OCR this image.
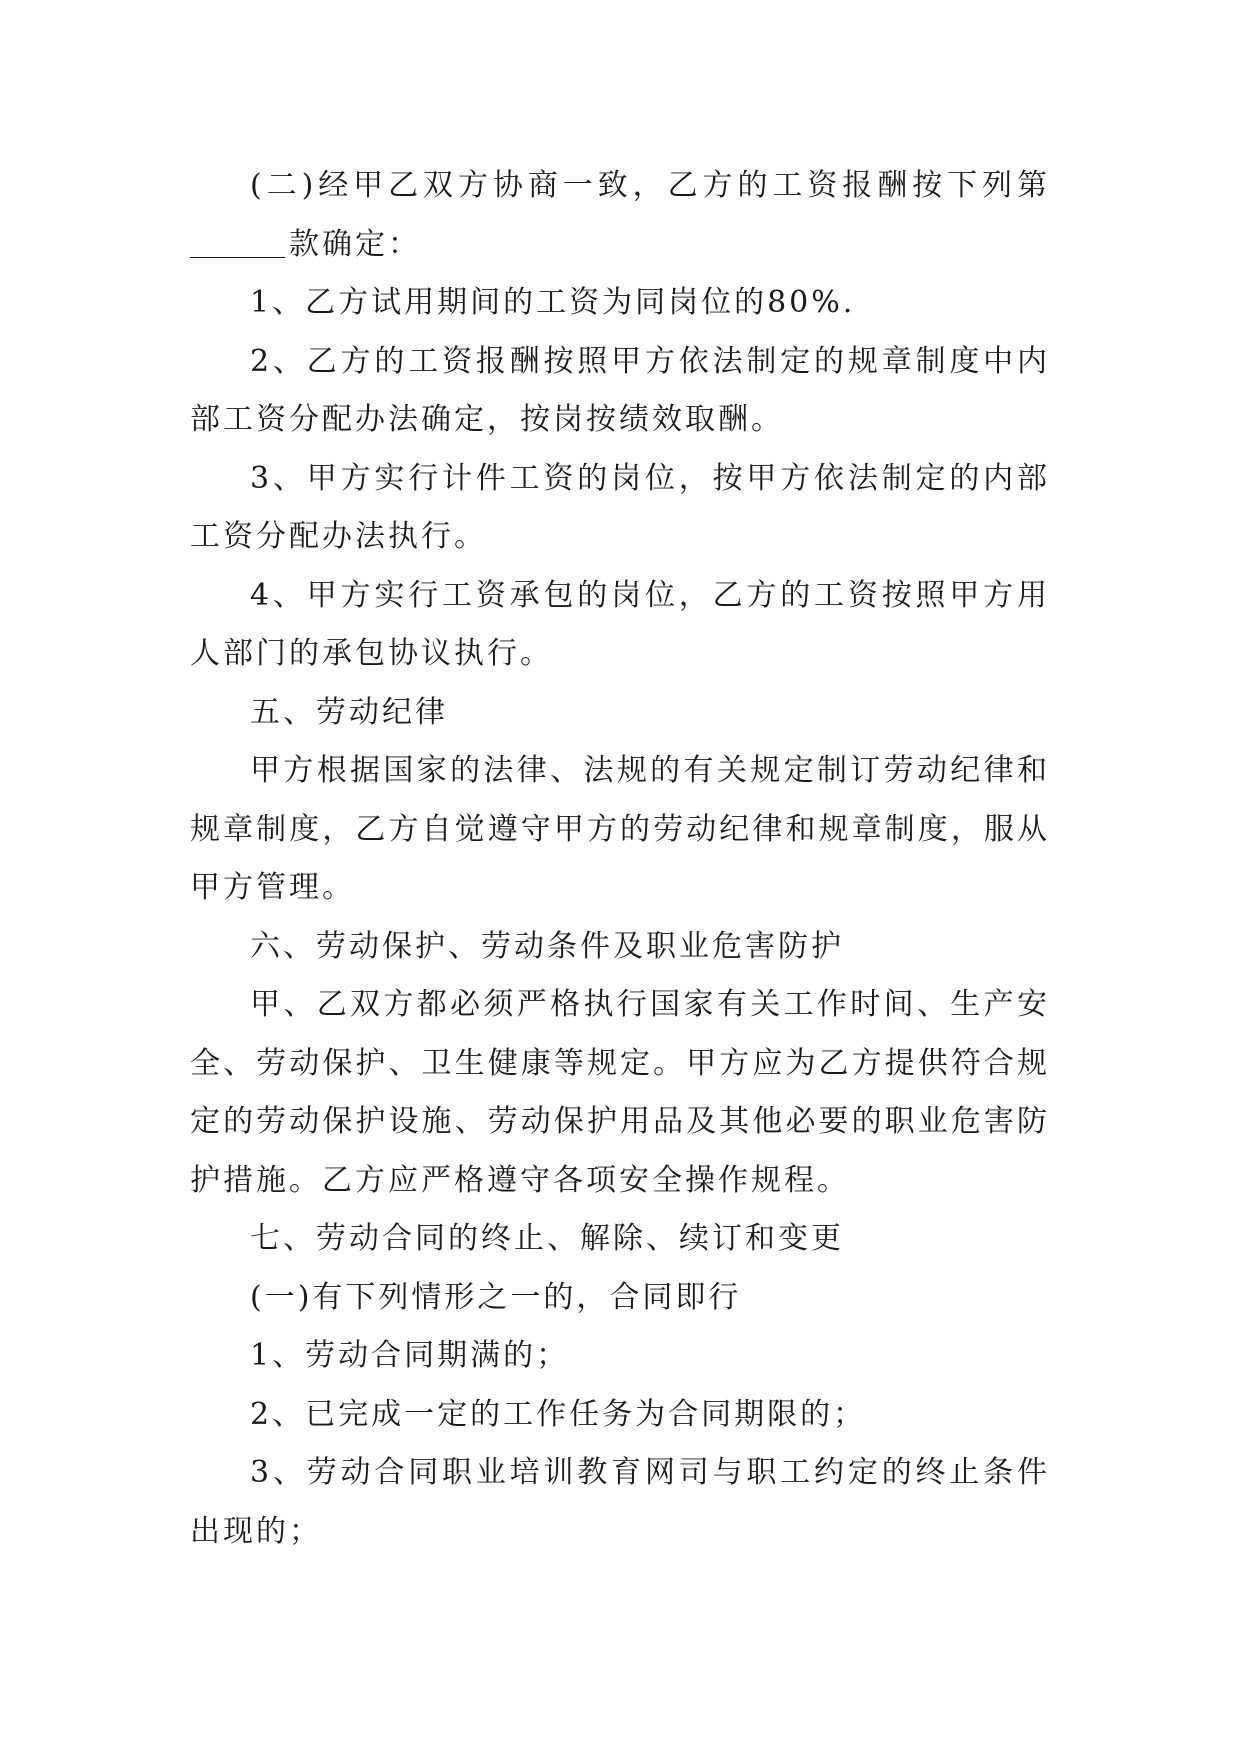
(二)经甲乙双方协商一致，乙方的工资报酬按下列第款确定：

1、乙方试用期间的工资为同岗位的80%.

2、乙方的工资报酬按照甲方依法制定的规章制度中内部工资分配办法确定，按岗按绩效取酬。

3、甲方实行计件工资的岗位，按甲方依法制定的内部工资分配办法执行。

4、甲方实行工资承包的岗位，乙方的工资按照甲方用人部门的承包协议执行。

五、劳动纪律

甲方根据国家的法律、法规的有关规定制订劳动纪律和规章制度，乙方自觉遵守甲方的劳动纪律和规章制度，服从甲方管理。

六、劳动保护、劳动条件及职业危害防护

甲、乙双方都必须严格执行国家有关工作时间、生产安全、劳动保护、卫生健康等规定。甲方应为乙方提供符合规定的劳动保护设施、劳动保护用品及其他必要的职业危害防护措施。乙方应严格遵守各项安全操作规程。

七、劳动合同的终止、解除、续订和变更

(一)有下列情形之一的，合同即行

1、劳动合同期满的；

2、已完成一定的工作任务为合同期限的；

3、劳动合同职业培训教育网司与职工约定的终止条件出现的；
